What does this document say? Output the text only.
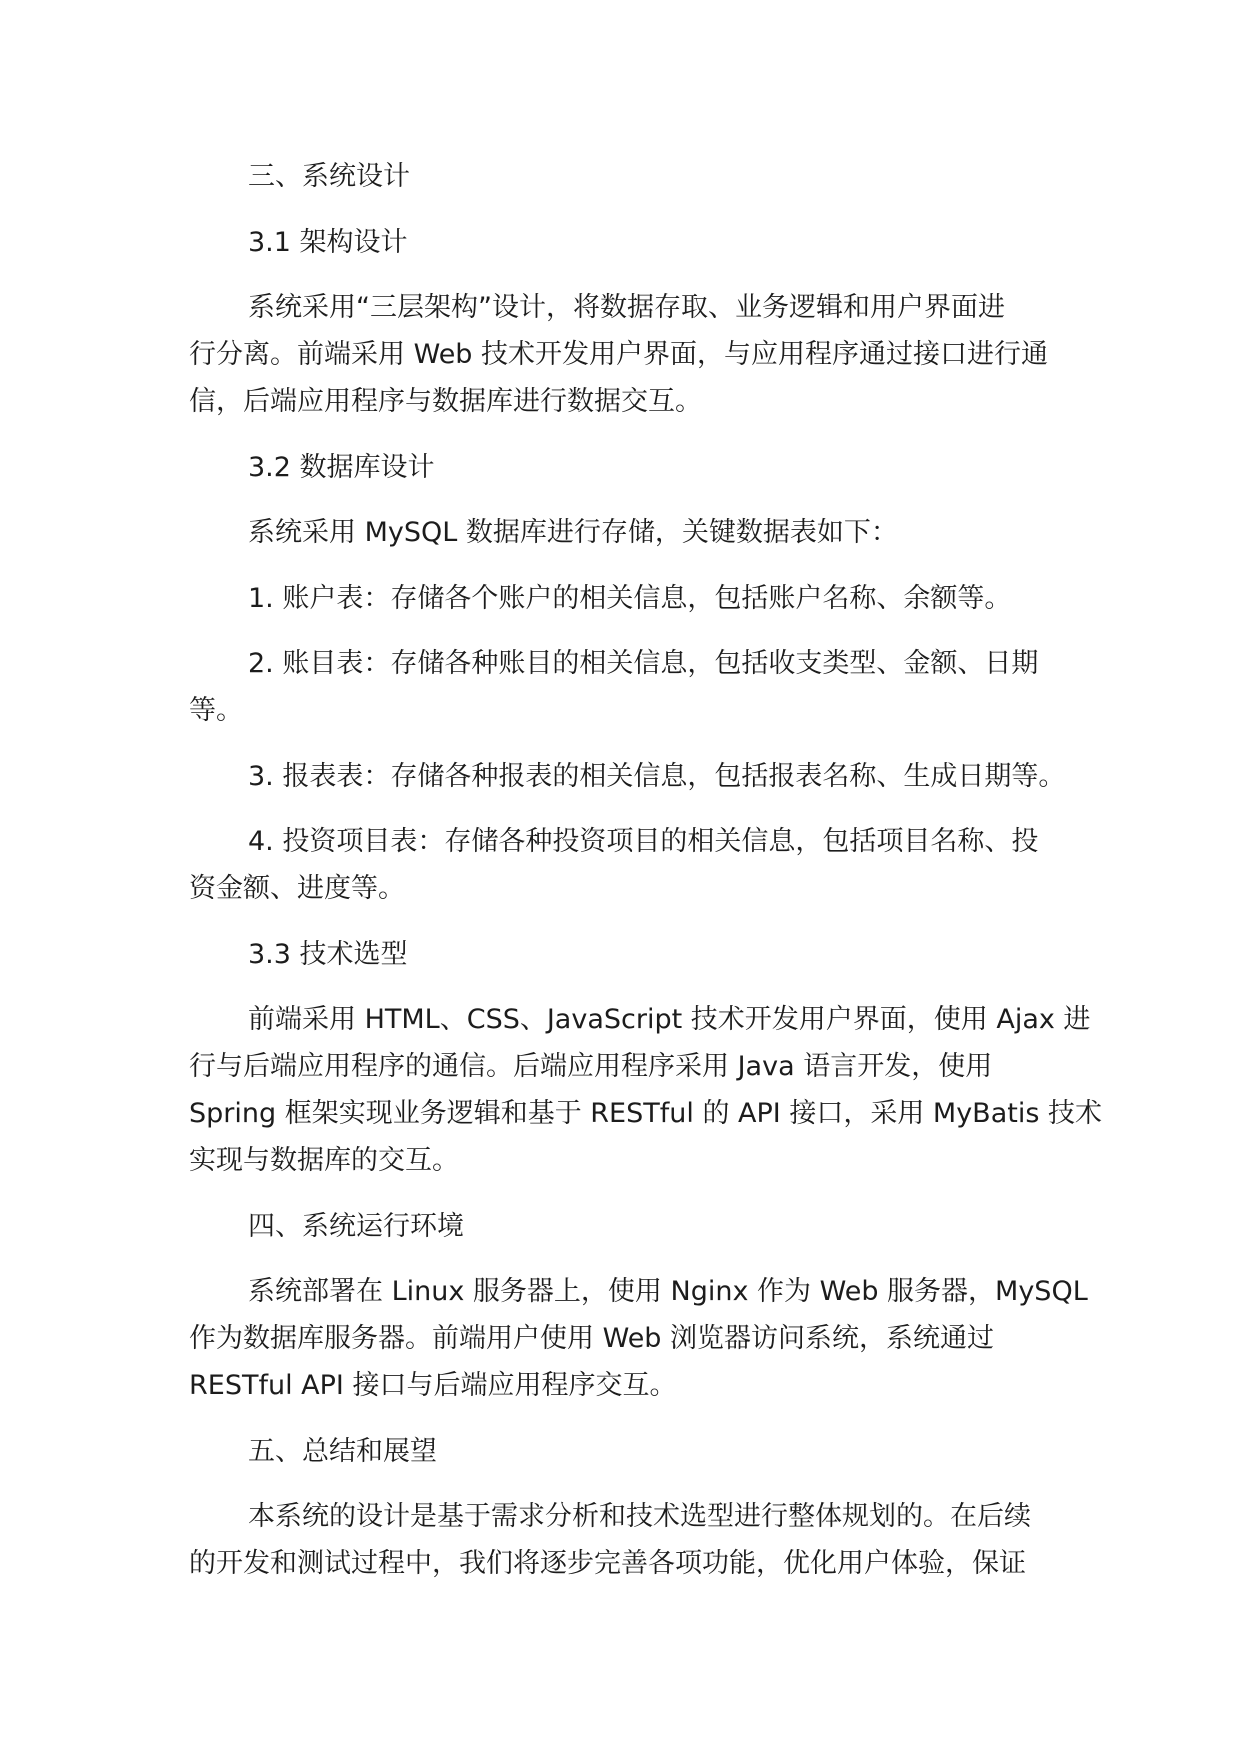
三、系统设计
3.1 架构设计
系统采用“三层架构”设计，将数据存取、业务逻辑和用户界面进
行分离。前端采用 Web 技术开发用户界面，与应用程序通过接口进行通
信，后端应用程序与数据库进行数据交互。
3.2 数据库设计
系统采用 MySQL 数据库进行存储，关键数据表如下：
1. 账户表：存储各个账户的相关信息，包括账户名称、余额等。
2. 账目表：存储各种账目的相关信息，包括收支类型、金额、日期
等。
3. 报表表：存储各种报表的相关信息，包括报表名称、生成日期等。
4. 投资项目表：存储各种投资项目的相关信息，包括项目名称、投
资金额、进度等。
3.3 技术选型
前端采用 HTML、CSS、JavaScript 技术开发用户界面，使用 Ajax 进
行与后端应用程序的通信。后端应用程序采用 Java 语言开发，使用
Spring 框架实现业务逻辑和基于 RESTful 的 API 接口，采用 MyBatis 技术
实现与数据库的交互。
四、系统运行环境
系统部署在 Linux 服务器上，使用 Nginx 作为 Web 服务器，MySQL
作为数据库服务器。前端用户使用 Web 浏览器访问系统，系统通过
RESTful API 接口与后端应用程序交互。
五、总结和展望
本系统的设计是基于需求分析和技术选型进行整体规划的。在后续
的开发和测试过程中，我们将逐步完善各项功能，优化用户体验，保证
